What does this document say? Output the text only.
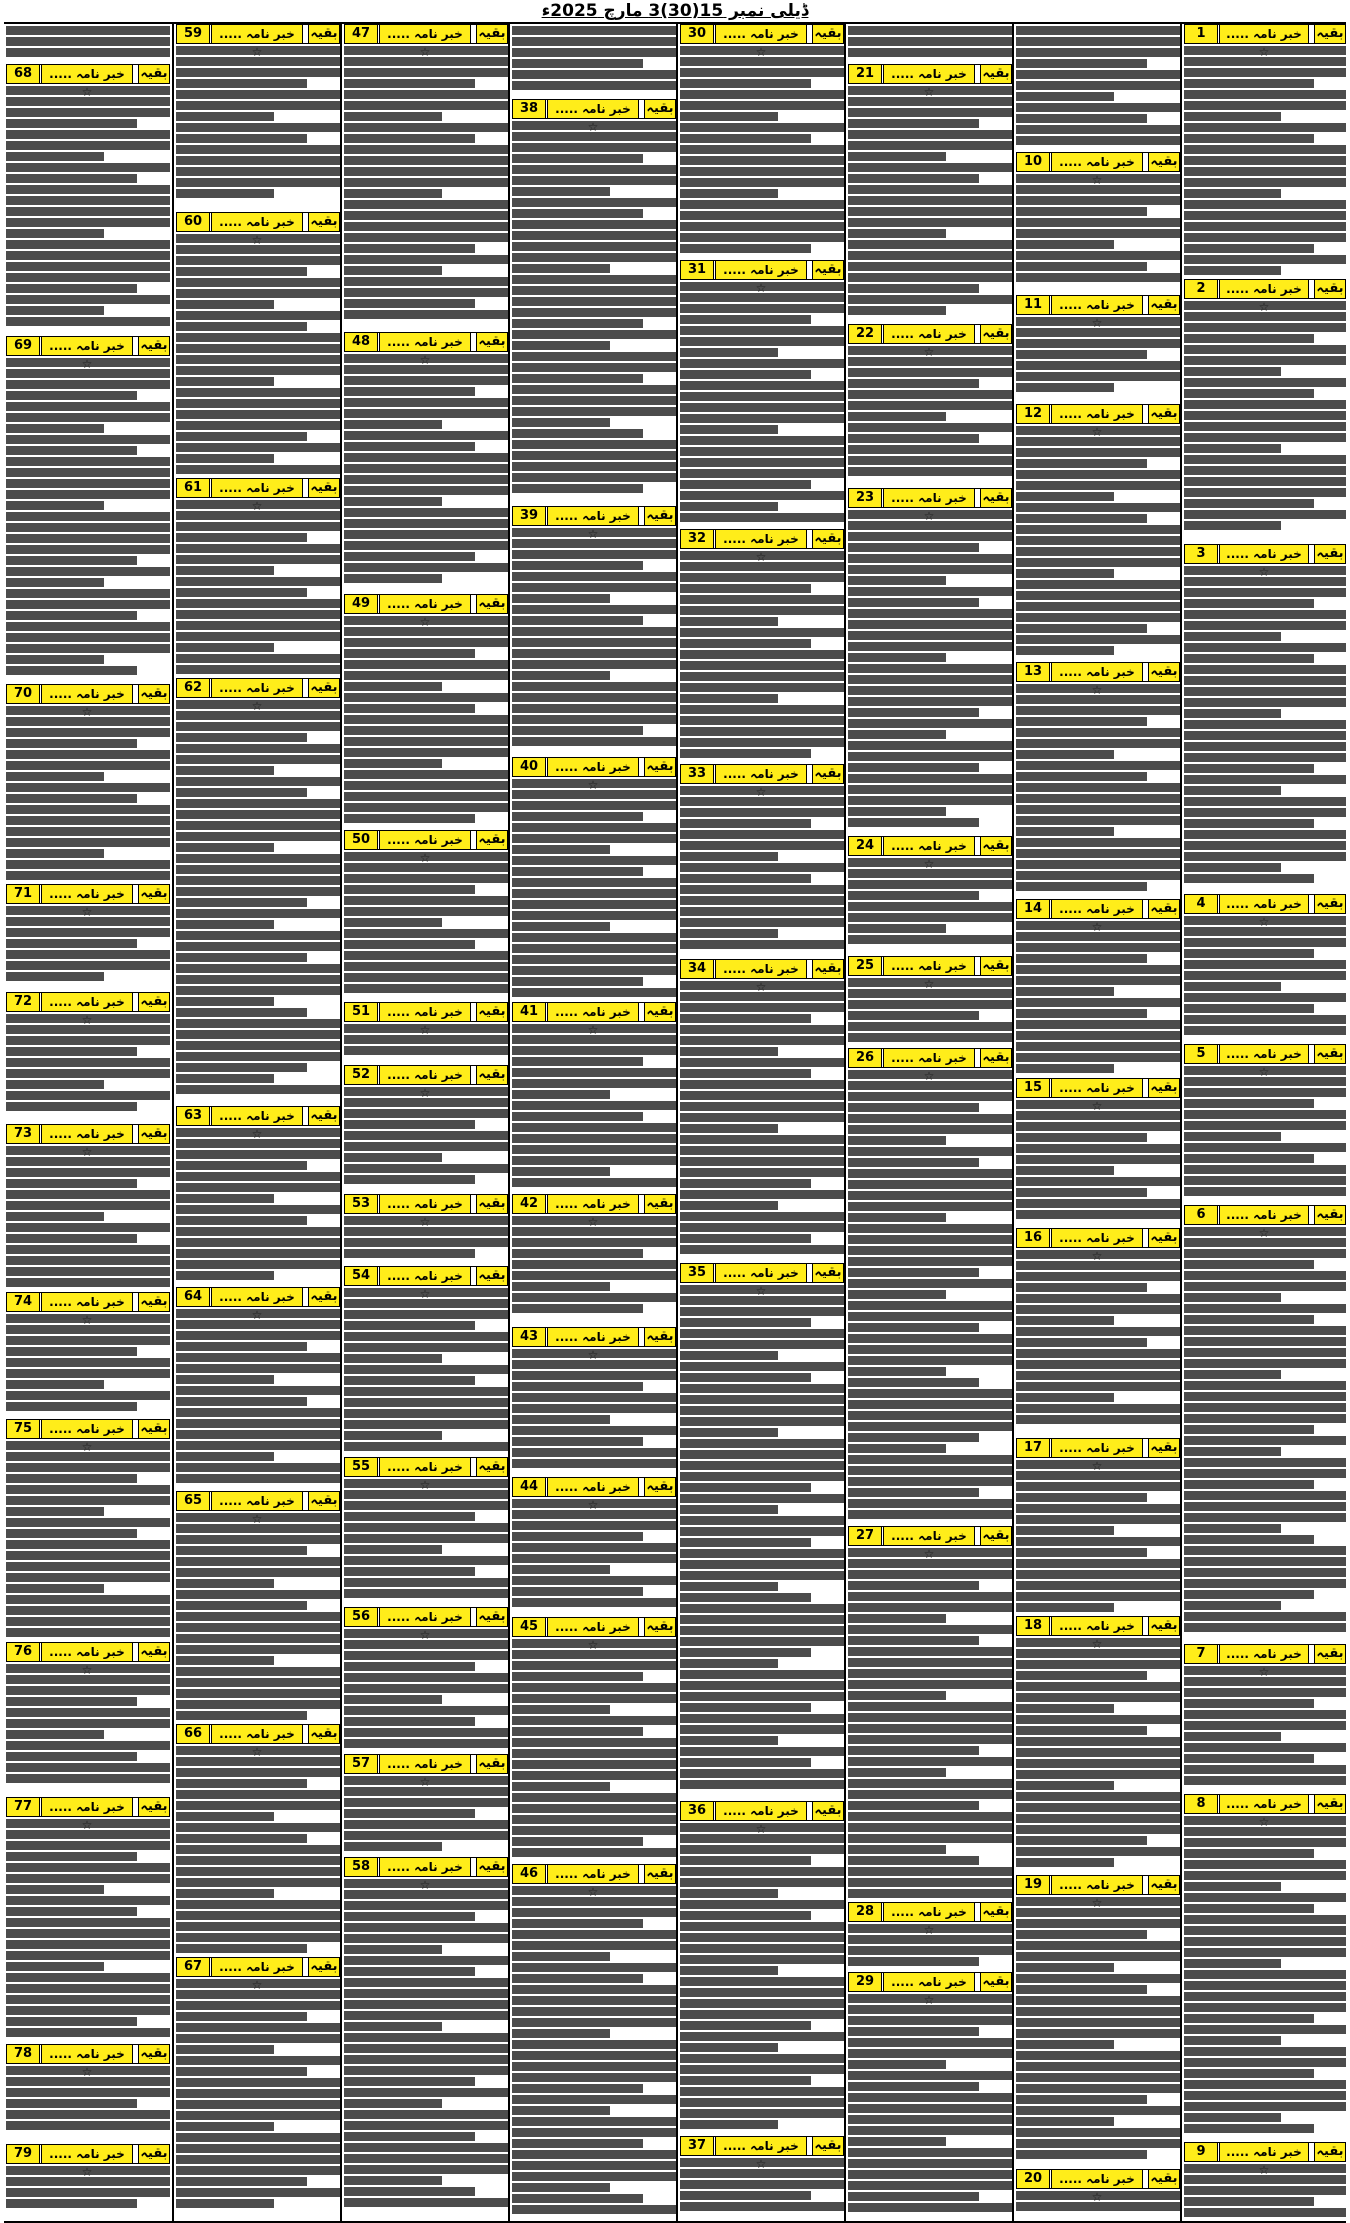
ڈیلی نمبر 15(30)3 مارچ 2025ء
68	خبر نامہ .....	بقیہ
69	خبر نامہ .....	بقیہ
70	خبر نامہ .....	بقیہ
71	خبر نامہ .....	بقیہ
72	خبر نامہ .....	بقیہ
73	خبر نامہ .....	بقیہ
74	خبر نامہ .....	بقیہ
75	خبر نامہ .....	بقیہ
76	خبر نامہ .....	بقیہ
77	خبر نامہ .....	بقیہ
78	خبر نامہ .....	بقیہ
79	خبر نامہ .....	بقیہ
59	خبر نامہ .....	بقیہ
60	خبر نامہ .....	بقیہ
61	خبر نامہ .....	بقیہ
62	خبر نامہ .....	بقیہ
63	خبر نامہ .....	بقیہ
64	خبر نامہ .....	بقیہ
65	خبر نامہ .....	بقیہ
66	خبر نامہ .....	بقیہ
67	خبر نامہ .....	بقیہ
47	خبر نامہ .....	بقیہ
48	خبر نامہ .....	بقیہ
49	خبر نامہ .....	بقیہ
50	خبر نامہ .....	بقیہ
51	خبر نامہ .....	بقیہ
52	خبر نامہ .....	بقیہ
53	خبر نامہ .....	بقیہ
54	خبر نامہ .....	بقیہ
55	خبر نامہ .....	بقیہ
56	خبر نامہ .....	بقیہ
57	خبر نامہ .....	بقیہ
58	خبر نامہ .....	بقیہ
38	خبر نامہ .....	بقیہ
39	خبر نامہ .....	بقیہ
40	خبر نامہ .....	بقیہ
41	خبر نامہ .....	بقیہ
42	خبر نامہ .....	بقیہ
43	خبر نامہ .....	بقیہ
44	خبر نامہ .....	بقیہ
45	خبر نامہ .....	بقیہ
46	خبر نامہ .....	بقیہ
30	خبر نامہ .....	بقیہ
31	خبر نامہ .....	بقیہ
32	خبر نامہ .....	بقیہ
33	خبر نامہ .....	بقیہ
34	خبر نامہ .....	بقیہ
35	خبر نامہ .....	بقیہ
36	خبر نامہ .....	بقیہ
37	خبر نامہ .....	بقیہ
21	خبر نامہ .....	بقیہ
22	خبر نامہ .....	بقیہ
23	خبر نامہ .....	بقیہ
24	خبر نامہ .....	بقیہ
25	خبر نامہ .....	بقیہ
26	خبر نامہ .....	بقیہ
27	خبر نامہ .....	بقیہ
28	خبر نامہ .....	بقیہ
29	خبر نامہ .....	بقیہ
10	خبر نامہ .....	بقیہ
11	خبر نامہ .....	بقیہ
12	خبر نامہ .....	بقیہ
13	خبر نامہ .....	بقیہ
14	خبر نامہ .....	بقیہ
15	خبر نامہ .....	بقیہ
16	خبر نامہ .....	بقیہ
17	خبر نامہ .....	بقیہ
18	خبر نامہ .....	بقیہ
19	خبر نامہ .....	بقیہ
20	خبر نامہ .....	بقیہ
1	خبر نامہ .....	بقیہ
2	خبر نامہ .....	بقیہ
3	خبر نامہ .....	بقیہ
4	خبر نامہ .....	بقیہ
5	خبر نامہ .....	بقیہ
6	خبر نامہ .....	بقیہ
7	خبر نامہ .....	بقیہ
8	خبر نامہ .....	بقیہ
9	خبر نامہ .....	بقیہ
